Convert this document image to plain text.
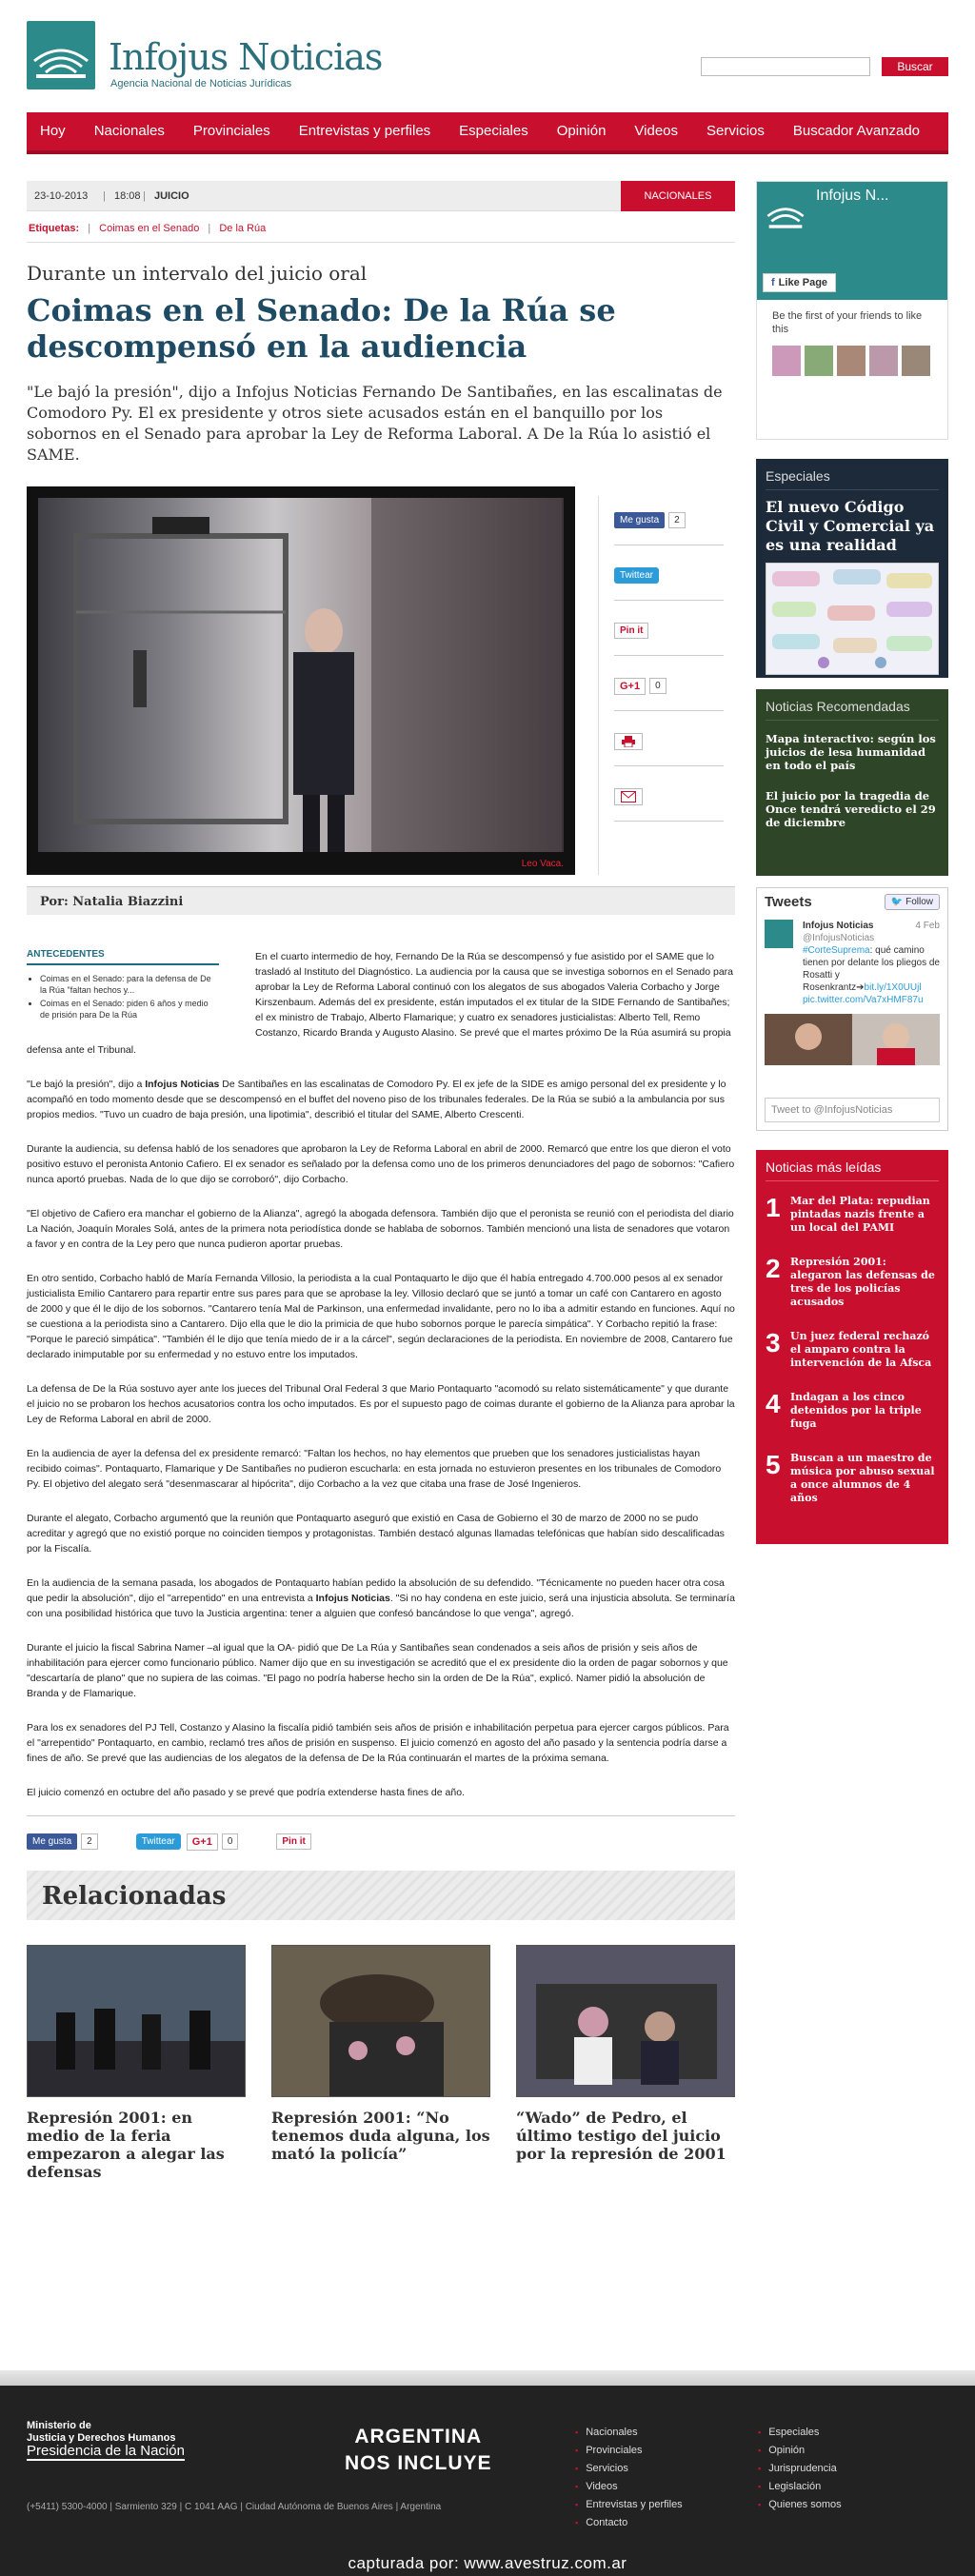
Infojus Noticias
Agencia Nacional de Noticias Jurídicas
Buscar
Hoy Nacionales Provinciales Entrevistas y perfiles Especiales Opinión Videos Servicios Buscador Avanzado
23-10-2013 | 18:08 | JUICIO	NACIONALES
Etiquetas: | Coimas en el Senado | De la Rúa
Durante un intervalo del juicio oral
Coimas en el Senado: De la Rúa se descompensó en la audiencia
"Le bajó la presión", dijo a Infojus Noticias Fernando De Santibañes, en las escalinatas de Comodoro Py. El ex presidente y otros siete acusados están en el banquillo por los sobornos en el Senado para aprobar la Ley de Reforma Laboral. A De la Rúa lo asistió el SAME.
Leo Vaca.
Me gusta	2
Twittear
Pin it
G+1	0
Por: Natalia Biazzini
ANTECEDENTES
• Coimas en el Senado: para la defensa de De la Rúa "faltan hechos y...
• Coimas en el Senado: piden 6 años y medio de prisión para De la Rúa
En el cuarto intermedio de hoy, Fernando De la Rúa se descompensó y fue asistido por el SAME que lo trasladó al Instituto del Diagnóstico. La audiencia por la causa que se investiga sobornos en el Senado para aprobar la Ley de Reforma Laboral continuó con los alegatos de sus abogados Valeria Corbacho y Jorge Kirszenbaum. Además del ex presidente, están imputados el ex titular de la SIDE Fernando de Santibañes; el ex ministro de Trabajo, Alberto Flamarique; y cuatro ex senadores justicialistas: Alberto Tell, Remo Costanzo, Ricardo Branda y Augusto Alasino. Se prevé que el martes próximo De la Rúa asumirá su propia

defensa ante el Tribunal.

"Le bajó la presión", dijo a Infojus Noticias De Santibañes en las escalinatas de Comodoro Py. El ex jefe de la SIDE es amigo personal del ex presidente y lo acompañó en todo momento desde que se descompensó en el buffet del noveno piso de los tribunales federales. De la Rúa se subió a la ambulancia por sus propios medios. "Tuvo un cuadro de baja presión, una lipotimia", describió el titular del SAME, Alberto Crescenti.

Durante la audiencia, su defensa habló de los senadores que aprobaron la Ley de Reforma Laboral en abril de 2000. Remarcó que entre los que dieron el voto positivo estuvo el peronista Antonio Cafiero. El ex senador es señalado por la defensa como uno de los primeros denunciadores del pago de sobornos: "Cafiero nunca aportó pruebas. Nada de lo que dijo se corroboró", dijo Corbacho.

"El objetivo de Cafiero era manchar el gobierno de la Alianza", agregó la abogada defensora. También dijo que el peronista se reunió con el periodista del diario La Nación, Joaquín Morales Solá, antes de la primera nota periodística donde se hablaba de sobornos. También mencionó una lista de senadores que votaron a favor y en contra de la Ley pero que nunca pudieron aportar pruebas.

En otro sentido, Corbacho habló de María Fernanda Villosio, la periodista a la cual Pontaquarto le dijo que él había entregado 4.700.000 pesos al ex senador justicialista Emilio Cantarero para repartir entre sus pares para que se aprobase la ley. Villosio declaró que se juntó a tomar un café con Cantarero en agosto de 2000 y que él le dijo de los sobornos. "Cantarero tenía Mal de Parkinson, una enfermedad invalidante, pero no lo iba a admitir estando en funciones. Aquí no se cuestiona a la periodista sino a Cantarero. Dijo ella que le dio la primicia de que hubo sobornos porque le parecía simpática". Y Corbacho repitió la frase: "Porque le pareció simpática". "También él le dijo que tenía miedo de ir a la cárcel", según declaraciones de la periodista. En noviembre de 2008, Cantarero fue declarado inimputable por su enfermedad y no estuvo entre los imputados.

La defensa de De la Rúa sostuvo ayer ante los jueces del Tribunal Oral Federal 3 que Mario Pontaquarto "acomodó su relato sistemáticamente" y que durante el juicio no se probaron los hechos acusatorios contra los ocho imputados. Es por el supuesto pago de coimas durante el gobierno de la Alianza para aprobar la Ley de Reforma Laboral en abril de 2000.

En la audiencia de ayer la defensa del ex presidente remarcó: "Faltan los hechos, no hay elementos que prueben que los senadores justicialistas hayan recibido coimas". Pontaquarto, Flamarique y De Santibañes no pudieron escucharla: en esta jornada no estuvieron presentes en los tribunales de Comodoro Py. El objetivo del alegato será "desenmascarar al hipócrita", dijo Corbacho a la vez que citaba una frase de José Ingenieros.

Durante el alegato, Corbacho argumentó que la reunión que Pontaquarto aseguró que existió en Casa de Gobierno el 30 de marzo de 2000 no se pudo acreditar y agregó que no existió porque no coinciden tiempos y protagonistas. También destacó algunas llamadas telefónicas que habían sido descalificadas por la Fiscalía.

En la audiencia de la semana pasada, los abogados de Pontaquarto habían pedido la absolución de su defendido. "Técnicamente no pueden hacer otra cosa que pedir la absolución", dijo el "arrepentido" en una entrevista a Infojus Noticias. "Si no hay condena en este juicio, será una injusticia absoluta. Se terminaría con una posibilidad histórica que tuvo la Justicia argentina: tener a alguien que confesó bancándose lo que venga", agregó.

Durante el juicio la fiscal Sabrina Namer –al igual que la OA- pidió que De La Rúa y Santibañes sean condenados a seis años de prisión y seis años de inhabilitación para ejercer como funcionario público. Namer dijo que en su investigación se acreditó que el ex presidente dio la orden de pagar sobornos y que "descartaría de plano" que no supiera de las coimas. "El pago no podría haberse hecho sin la orden de De la Rúa", explicó. Namer pidió la absolución de Branda y de Flamarique.

Para los ex senadores del PJ Tell, Costanzo y Alasino la fiscalía pidió también seis años de prisión e inhabilitación perpetua para ejercer cargos públicos. Para el "arrepentido" Pontaquarto, en cambio, reclamó tres años de prisión en suspenso. El juicio comenzó en agosto del año pasado y la sentencia podría darse a fines de año. Se prevé que las audiencias de los alegatos de la defensa de De la Rúa continuarán el martes de la próxima semana.

El juicio comenzó en octubre del año pasado y se prevé que podría extenderse hasta fines de año.

Me gusta	2	Twittear	G+1	0	Pin it
Relacionadas
Represión 2001: en medio de la feria empezaron a alegar las defensas
Represión 2001: “No tenemos duda alguna, los mató la policía”
“Wado” de Pedro, el último testigo del juicio por la represión de 2001
Infojus N...
f Like Page
Be the first of your friends to like this
Especiales
El nuevo Código Civil y Comercial ya es una realidad
Noticias Recomendadas
Mapa interactivo: según los juicios de lesa humanidad en todo el país
El juicio por la tragedia de Once tendrá veredicto el 29 de diciembre
Tweets	🐦 Follow
Infojus Noticias	4 Feb
@InfojusNoticias
#CorteSuprema: qué camino tienen por delante los pliegos de Rosatti y Rosenkrantz➔bit.ly/1X0UUjl
pic.twitter.com/Va7xHMF87u
Tweet to @InfojusNoticias
Noticias más leídas
1 Mar del Plata: repudian pintadas nazis frente a un local del PAMI
2 Represión 2001: alegaron las defensas de tres de los policías acusados
3 Un juez federal rechazó el amparo contra la intervención de la Afsca
4 Indagan a los cinco detenidos por la triple fuga
5 Buscan a un maestro de música por abuso sexual a once alumnos de 4 años
Ministerio de
Justicia y Derechos Humanos
Presidencia de la Nación
ARGENTINA
NOS INCLUYE
(+5411) 5300-4000 | Sarmiento 329 | C 1041 AAG | Ciudad Autónoma de Buenos Aires | Argentina
▪ Nacionales
▪ Provinciales
▪ Servicios
▪ Videos
▪ Entrevistas y perfiles
▪ Contacto
▪ Especiales
▪ Opinión
▪ Jurisprudencia
▪ Legislación
▪ Quienes somos
capturada por: www.avestruz.com.ar
